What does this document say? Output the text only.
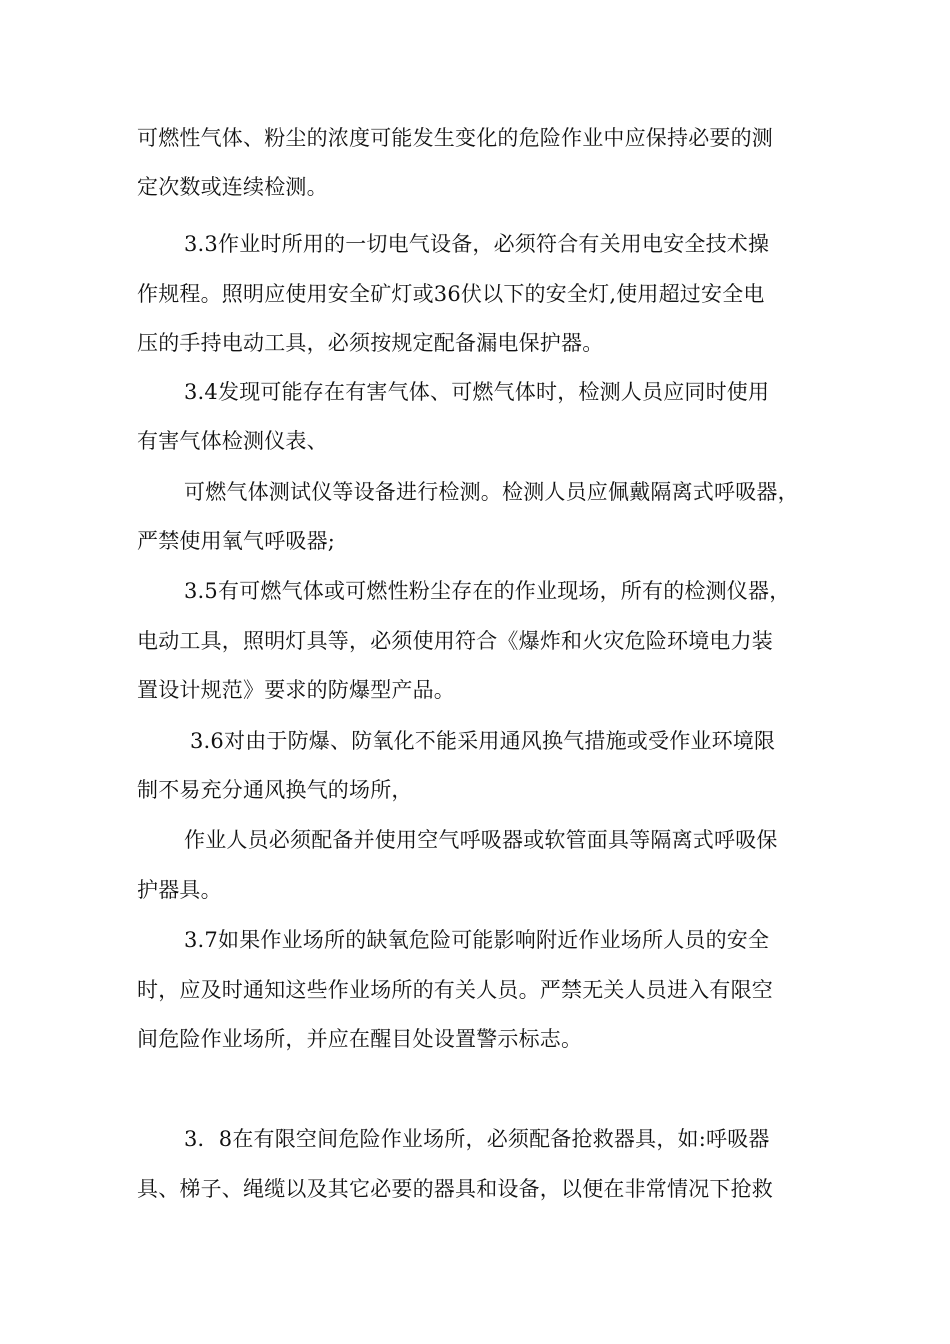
可燃性气体、粉尘的浓度可能发生变化的危险作业中应保持必要的测
定次数或连续检测。
3.3作业时所用的一切电气设备，必须符合有关用电安全技术操
作规程。照明应使用安全矿灯或36伏以下的安全灯,使用超过安全电
压的手持电动工具，必须按规定配备漏电保护器。
3.4发现可能存在有害气体、可燃气体时，检测人员应同时使用
有害气体检测仪表、
可燃气体测试仪等设备进行检测。检测人员应佩戴隔离式呼吸器，
严禁使用氧气呼吸器;
3.5有可燃气体或可燃性粉尘存在的作业现场，所有的检测仪器，
电动工具，照明灯具等，必须使用符合《爆炸和火灾危险环境电力装
置设计规范》要求的防爆型产品。
3.6对由于防爆、防氧化不能采用通风换气措施或受作业环境限
制不易充分通风换气的场所，
作业人员必须配备并使用空气呼吸器或软管面具等隔离式呼吸保
护器具。
3.7如果作业场所的缺氧危险可能影响附近作业场所人员的安全
时，应及时通知这些作业场所的有关人员。严禁无关人员进入有限空
间危险作业场所，并应在醒目处设置警示标志。
3．8在有限空间危险作业场所，必须配备抢救器具，如:呼吸器
具、梯子、绳缆以及其它必要的器具和设备，以便在非常情况下抢救
